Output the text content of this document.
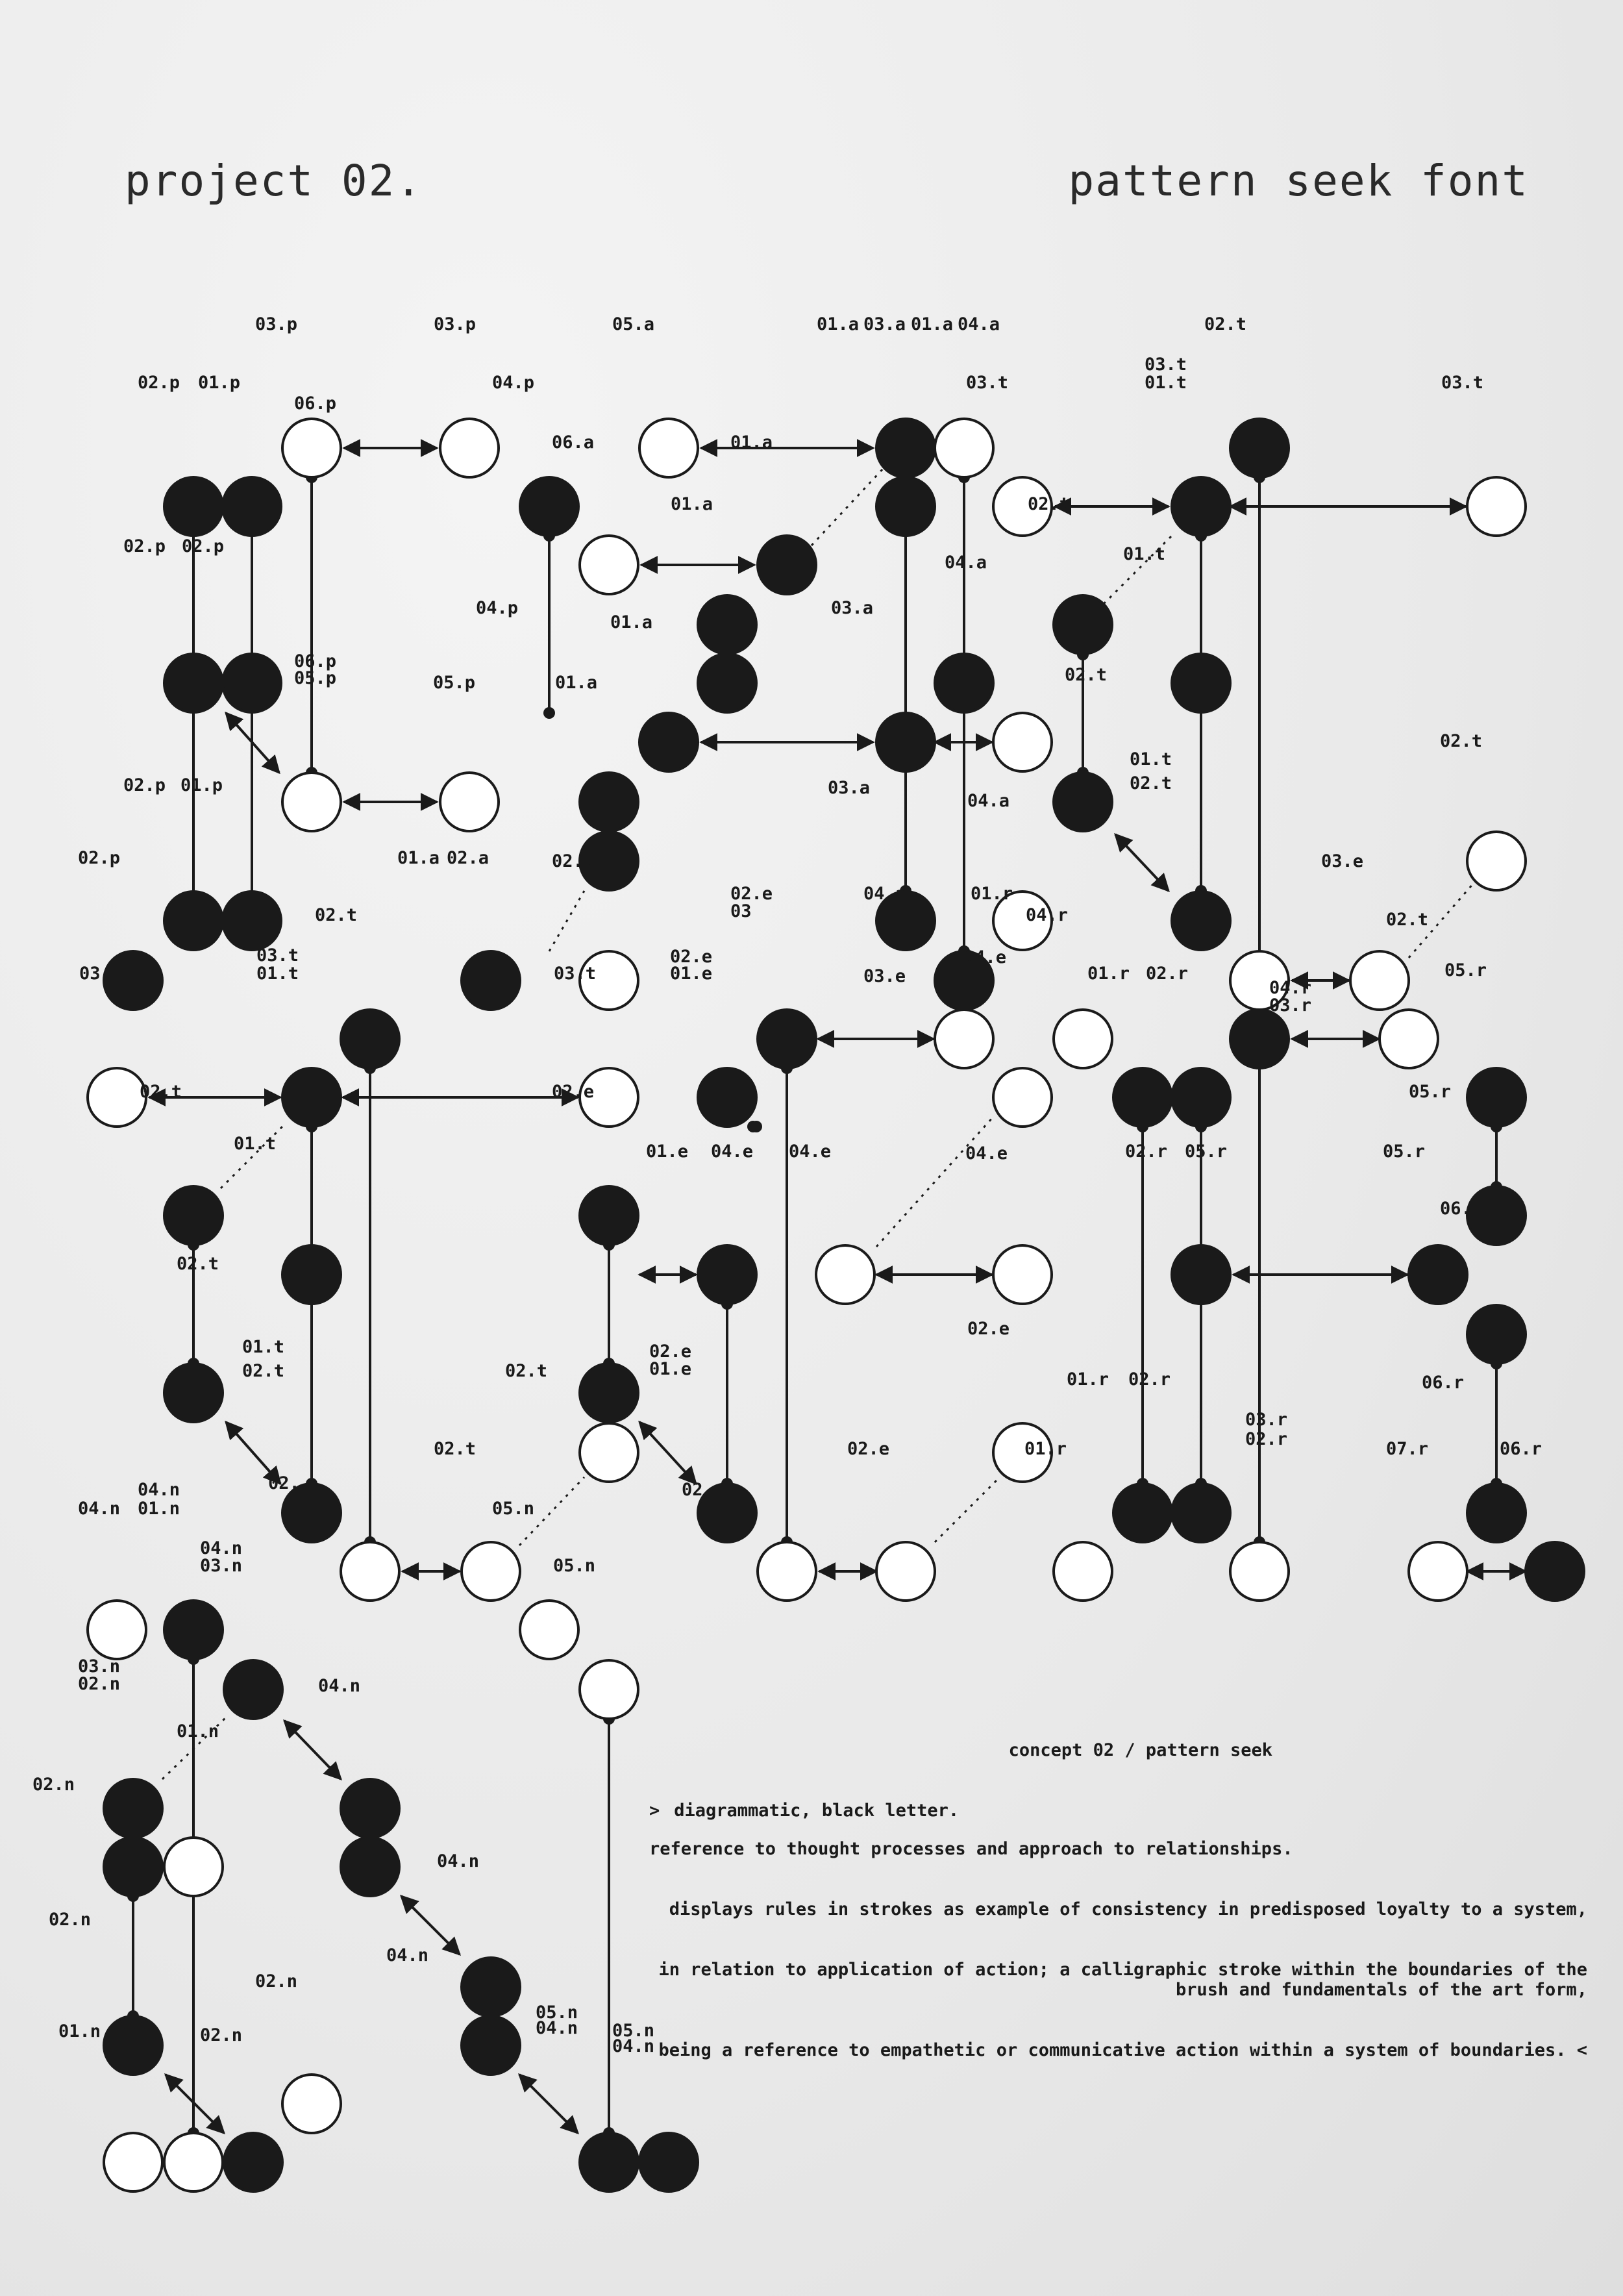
project 02.	pattern seek font
03.p	03.p	05.a	01.a 03.a 01.a 04.a	02.t
03.t
01.t
02.p 01.p	04.p	03.t	03.t
06.p
06.a	01.a
02.t
01.a
02.p 02.p
04.a	01.t
01.a
03.a
04.p
06.p
05.p	05.p	01.a	02.t
02.t
01.t
02.t
02.p 01.p	03.a
04.a
02.p	01.a 02.a	02.t
02.t
03.e
02.e
03
04.a	01.r
04.r	02.t
03.t
01.t
02.e
01.e	03.e
04.e
01.r 02.r
04.r
03.r
05.r
03	03.t
02.t	02.e
01.t	01.e 04.e 04.e	04.e	02.r 05.r	05.r
05.r
06.
02.t
02.e
01.t
02.t	02.t
02.e
01.e
01.r 02.r	06.r
04.n
04.n 01.n
02.t
02.
05.n
02.e	01.r
03.r
02.r	07.r	06.r
04.n
03.n	05.n
03.n
02.n	04.n
01.n
02.n
04.n
02.n
04.n
02.n
05.n
04.n 05.n
04.n
01.n	02.n
02

concept 02 / pattern seek

> diagrammatic, black letter.

reference to thought processes and approach to relationships.

displays rules in strokes as example of consistency in predisposed loyalty to a system,

in relation to application of action; a calligraphic stroke within the boundaries of the brush and fundamentals of the art form,

being a reference to empathetic or communicative action within a system of boundaries. <
